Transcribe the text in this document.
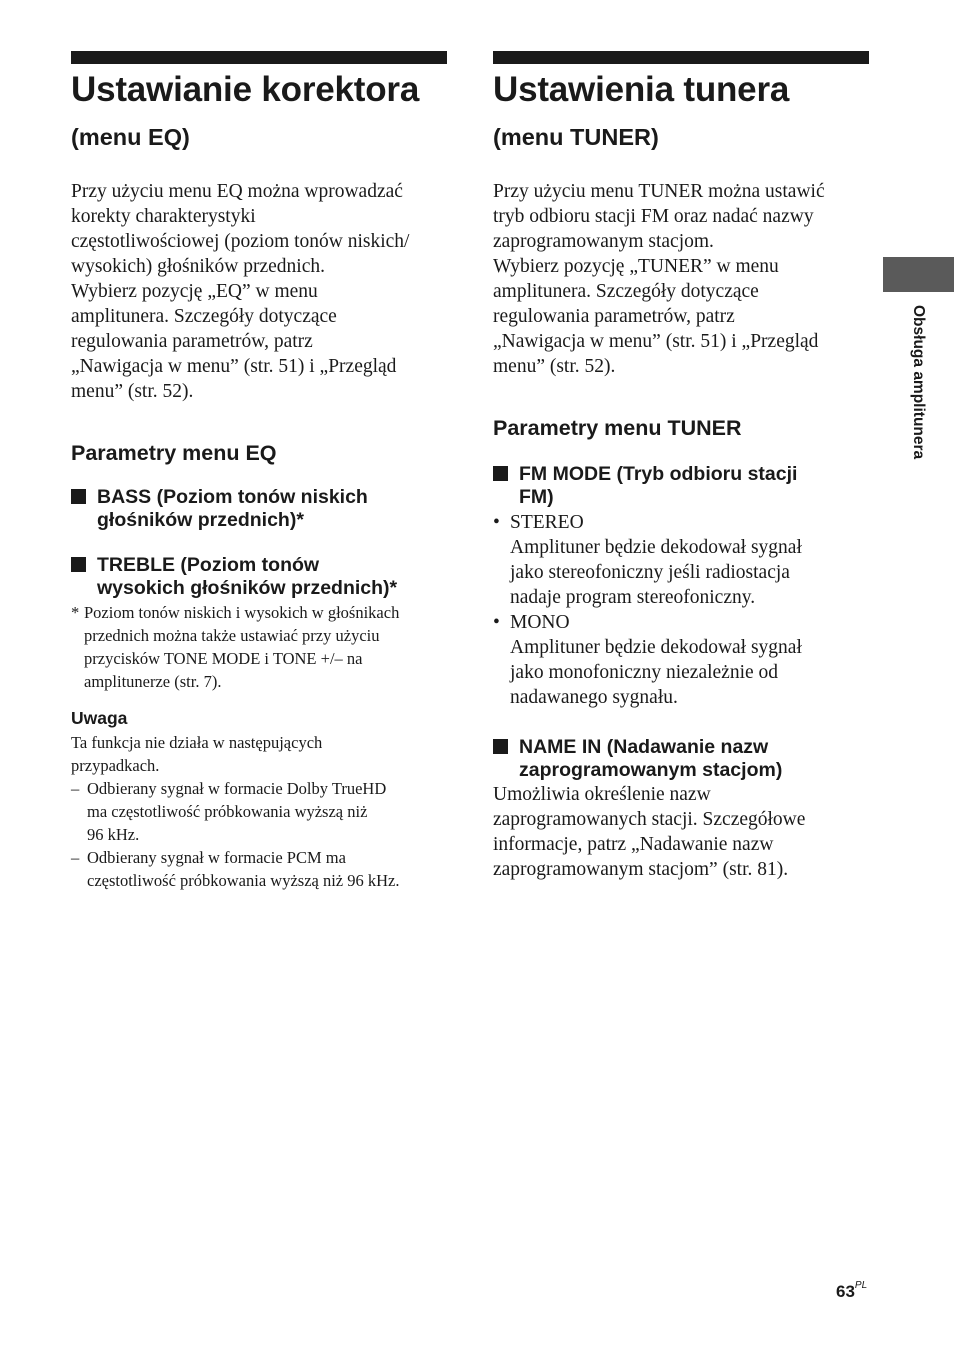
Ustawianie korektora
(menu EQ)

Przy użyciu menu EQ można wprowadzać
korekty charakterystyki
częstotliwościowej (poziom tonów niskich/
wysokich) głośników przednich.
Wybierz pozycję „EQ” w menu
amplitunera. Szczegóły dotyczące
regulowania parametrów, patrz
„Nawigacja w menu” (str. 51) i „Przegląd
menu” (str. 52).

Parametry menu EQ
BASS (Poziom tonów niskich
głośników przednich)*
TREBLE (Poziom tonów
wysokich głośników przednich)*
* Poziom tonów niskich i wysokich w głośnikach
przednich można także ustawiać przy użyciu
przycisków TONE MODE i TONE +/– na
amplitunerze (str. 7).
Uwaga
Ta funkcja nie działa w następujących
przypadkach.
– Odbierany sygnał w formacie Dolby TrueHD
ma częstotliwość próbkowania wyższą niż
96 kHz.
– Odbierany sygnał w formacie PCM ma
częstotliwość próbkowania wyższą niż 96 kHz.
Ustawienia tunera
(menu TUNER)

Przy użyciu menu TUNER można ustawić
tryb odbioru stacji FM oraz nadać nazwy
zaprogramowanym stacjom.
Wybierz pozycję „TUNER” w menu
amplitunera. Szczegóły dotyczące
regulowania parametrów, patrz
„Nawigacja w menu” (str. 51) i „Przegląd
menu” (str. 52).

Parametry menu TUNER
FM MODE (Tryb odbioru stacji
FM)
• STEREO
Amplituner będzie dekodował sygnał
jako stereofoniczny jeśli radiostacja
nadaje program stereofoniczny.
• MONO
Amplituner będzie dekodował sygnał
jako monofoniczny niezależnie od
nadawanego sygnału.
NAME IN (Nadawanie nazw
zaprogramowanym stacjom)

Umożliwia określenie nazw
zaprogramowanych stacji. Szczegółowe
informacje, patrz „Nadawanie nazw
zaprogramowanym stacjom” (str. 81).

Obsługa amplitunera
$63^{PL}$
